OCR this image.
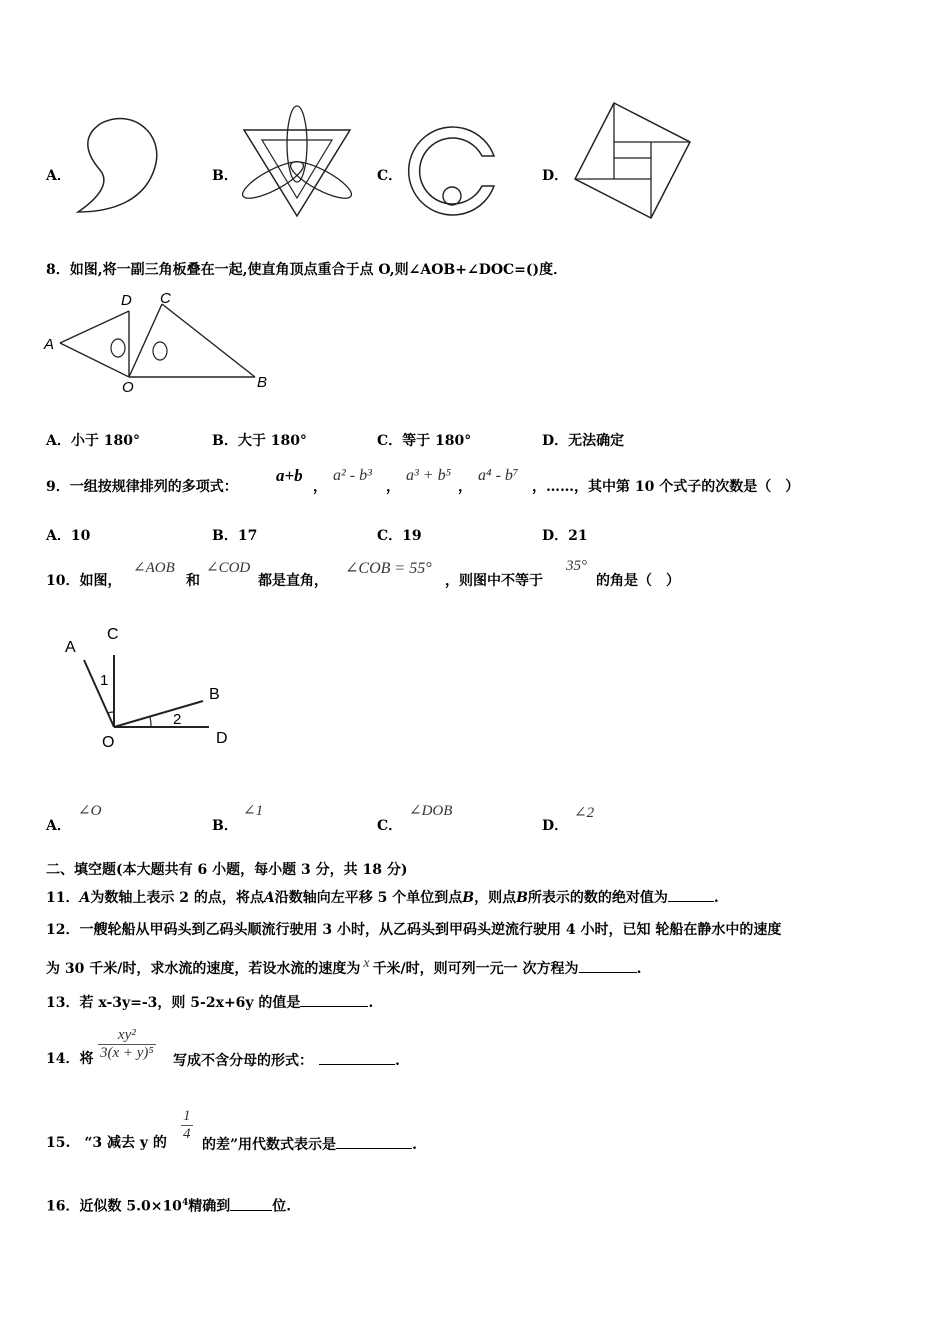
A．	B．	C．	D．
8．如图,将一副三角板叠在一起,使直角顶点重合于点 O,则∠AOB+∠DOC=()度．
A
D C
O	B
A．小于 180°	B．大于 180°	C．等于 180°	D．无法确定
9．一组按规律排列的多项式：
a+b
，
a² - b³
，
a³ + b⁵
，
a⁴ - b⁷
，……，其中第 10 个式子的次数是（　）
A．10	B．17	C．19	D．21
10．如图，
∠AOB
和
∠COD
都是直角，
∠COB = 55°
，则图中不等于
35°
的角是（　）
A
C
B
D
O
1
2
A．
∠O
B．
∠1
C．
∠DOB
D．
∠2
二、填空题(本大题共有 6 小题，每小题 3 分，共 18 分)
11．A为数轴上表示 2 的点，将点A沿数轴向左平移 5 个单位到点B，则点B所表示的数的绝对值为	.
12．一艘轮船从甲码头到乙码头顺流行驶用 3 小时，从乙码头到甲码头逆流行驶用 4 小时，已知 轮船在静水中的速度
为 30 千米/时，求水流的速度，若设水流的速度为 x 千米/时，则可列一元一 次方程为	.
13．若 x-3y=-3，则 5-2x+6y 的值是	.
14．将 $\frac{\text{xy²}}{\text{3(x + y)⁵}}$ 写成不含分母的形式：	.
15.　“3 减去 y 的 $\frac{1}{4}$
的差”用代数式表示是	.
16．近似数 $5.0\times 10^4$精确到	位.
